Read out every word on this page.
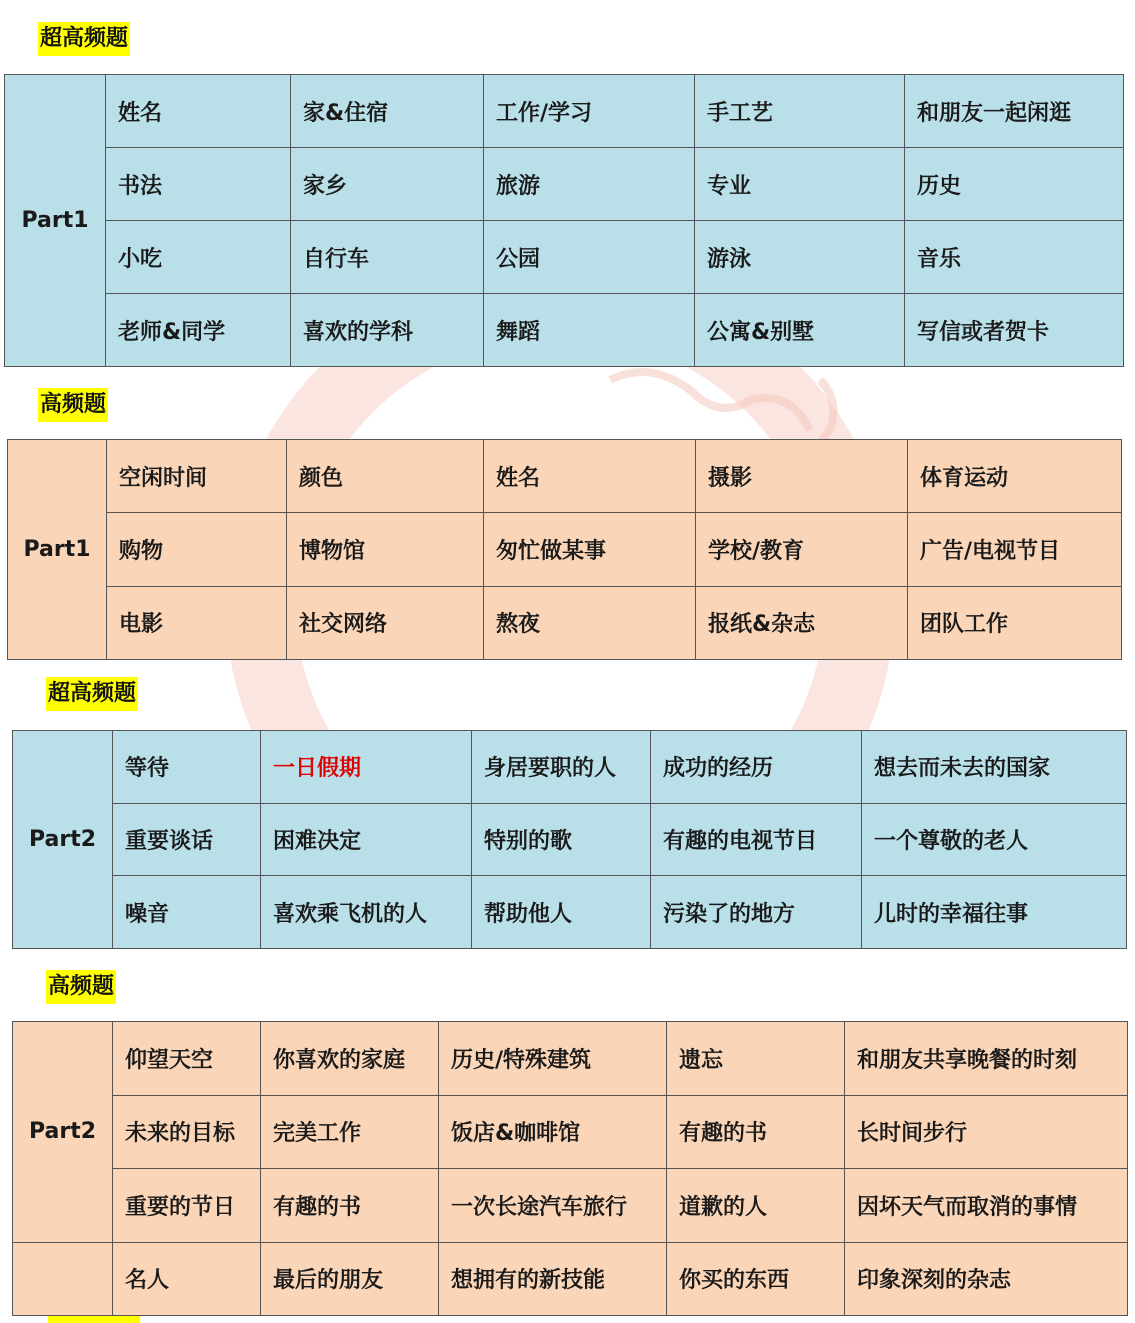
超高频题
Part1	姓名	家&住宿	工作/学习	手工艺	和朋友一起闲逛
	书法	家乡	旅游	专业	历史
	小吃	自行车	公园	游泳	音乐
	老师&同学	喜欢的学科	舞蹈	公寓&别墅	写信或者贺卡
高频题
Part1	空闲时间	颜色	姓名	摄影	体育运动
	购物	博物馆	匆忙做某事	学校/教育	广告/电视节目
	电影	社交网络	熬夜	报纸&杂志	团队工作
超高频题
Part2	等待	一日假期	身居要职的人	成功的经历	想去而未去的国家
	重要谈话	困难决定	特别的歌	有趣的电视节目	一个尊敬的老人
	噪音	喜欢乘飞机的人	帮助他人	污染了的地方	儿时的幸福往事
高频题
Part2	仰望天空	你喜欢的家庭	历史/特殊建筑	遗忘	和朋友共享晚餐的时刻
	未来的目标	完美工作	饭店&咖啡馆	有趣的书	长时间步行
	重要的节日	有趣的书	一次长途汽车旅行	道歉的人	因坏天气而取消的事情
	名人	最后的朋友	想拥有的新技能	你买的东西	印象深刻的杂志
